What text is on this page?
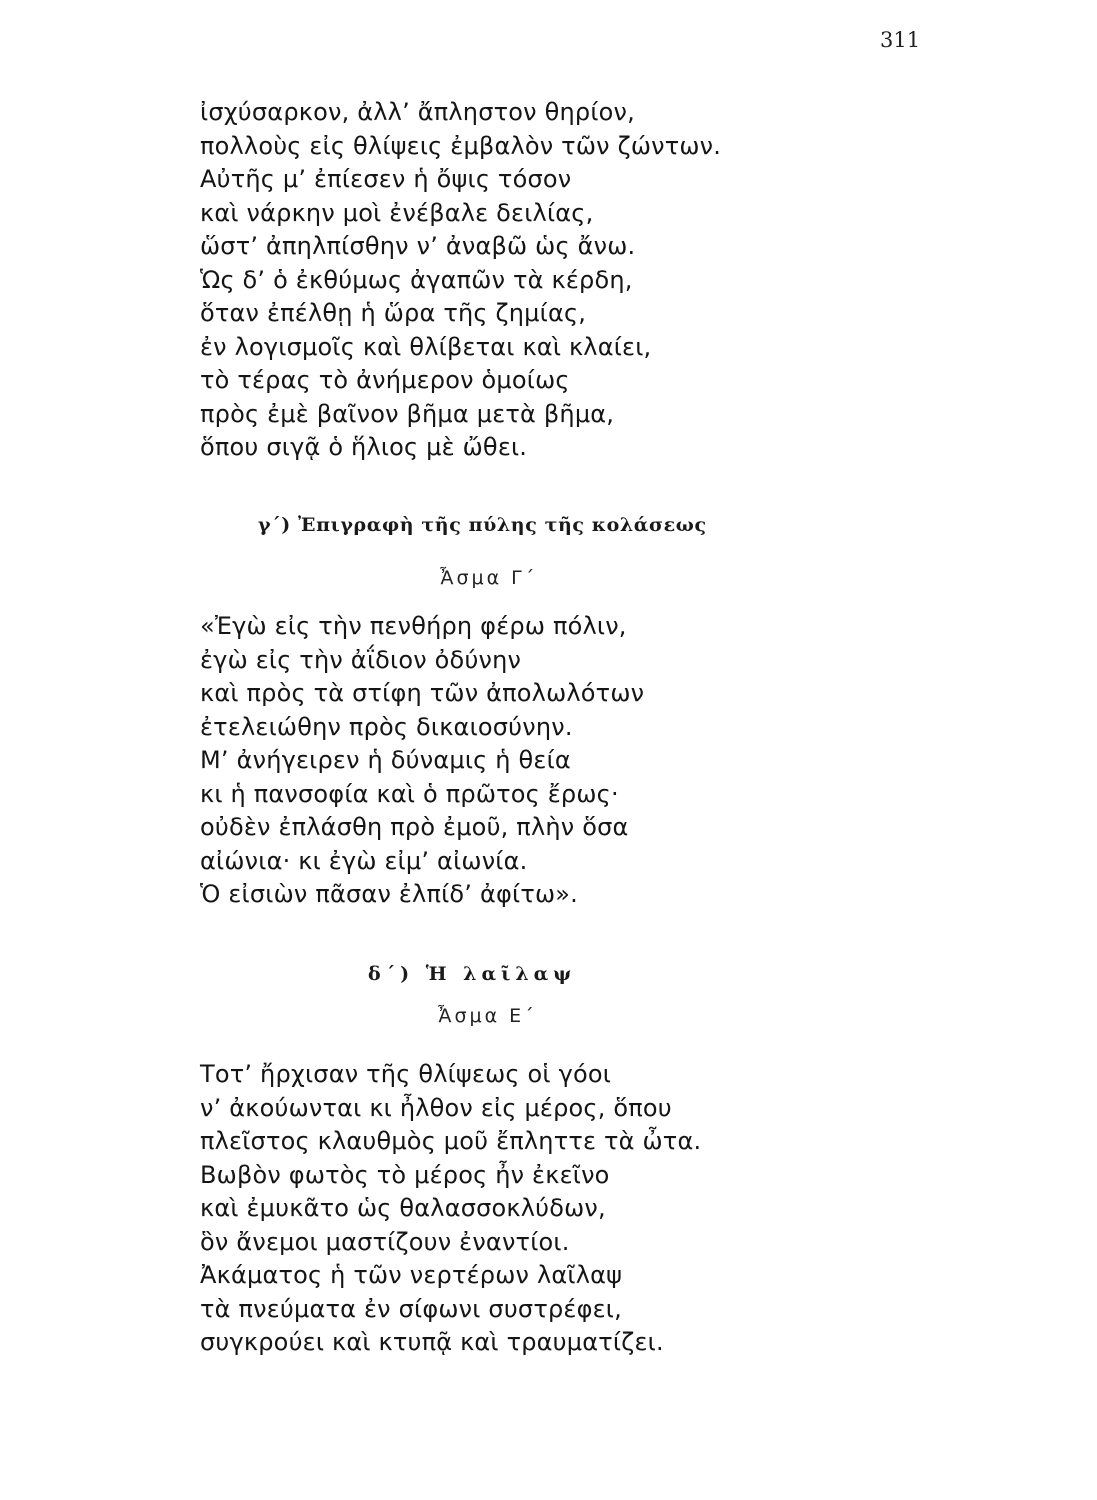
311
ἰσχύσαρκον, ἀλλ’ ἄπληστον θηρίον,
πολλοὺς εἰς θλίψεις ἐμβαλὸν τῶν ζώντων.
Αὐτῆς μ’ ἐπίεσεν ἡ ὄψις τόσον
καὶ νάρκην μοὶ ἐνέβαλε δειλίας,
ὥστ’ ἀπηλπίσθην ν’ ἀναβῶ ὡς ἄνω.
Ὡς δ’ ὁ ἐκθύμως ἀγαπῶν τὰ κέρδη,
ὅταν ἐπέλθῃ ἡ ὥρα τῆς ζημίας,
ἐν λογισμοῖς καὶ θλίβεται καὶ κλαίει,
τὸ τέρας τὸ ἀνήμερον ὁμοίως
πρὸς ἐμὲ βαῖνον βῆμα μετὰ βῆμα,
ὅπου σιγᾷ ὁ ἥλιος μὲ ὤθει.
γ΄) Ἐπιγραφὴ τῆς πύλης τῆς κολάσεως
Ἆσμα Γ΄
«Ἐγὼ εἰς τὴν πενθήρη φέρω πόλιν,
ἐγὼ εἰς τὴν ἀΐδιον ὀδύνην
καὶ πρὸς τὰ στίφη τῶν ἀπολωλότων
ἐτελειώθην πρὸς δικαιοσύνην.
Μ’ ἀνήγειρεν ἡ δύναμις ἡ θεία
κι ἡ πανσοφία καὶ ὁ πρῶτος ἔρως·
οὐδὲν ἐπλάσθη πρὸ ἐμοῦ, πλὴν ὅσα
αἰώνια· κι ἐγὼ εἰμ’ αἰωνία.
Ὁ εἰσιὼν πᾶσαν ἐλπίδ’ ἀφίτω».
δ΄) Ἡ λαῖλαψ
Ἆσμα Ε΄
Τοτ’ ἤρχισαν τῆς θλίψεως οἱ γόοι
ν’ ἀκούωνται κι ἦλθον εἰς μέρος, ὅπου
πλεῖστος κλαυθμὸς μοῦ ἔπληττε τὰ ὦτα.
Βωβὸν φωτὸς τὸ μέρος ἦν ἐκεῖνο
καὶ ἐμυκᾶτο ὡς θαλασσοκλύδων,
ὃν ἄνεμοι μαστίζουν ἐναντίοι.
Ἀκάματος ἡ τῶν νερτέρων λαῖλαψ
τὰ πνεύματα ἐν σίφωνι συστρέφει,
συγκρούει καὶ κτυπᾷ καὶ τραυματίζει.
